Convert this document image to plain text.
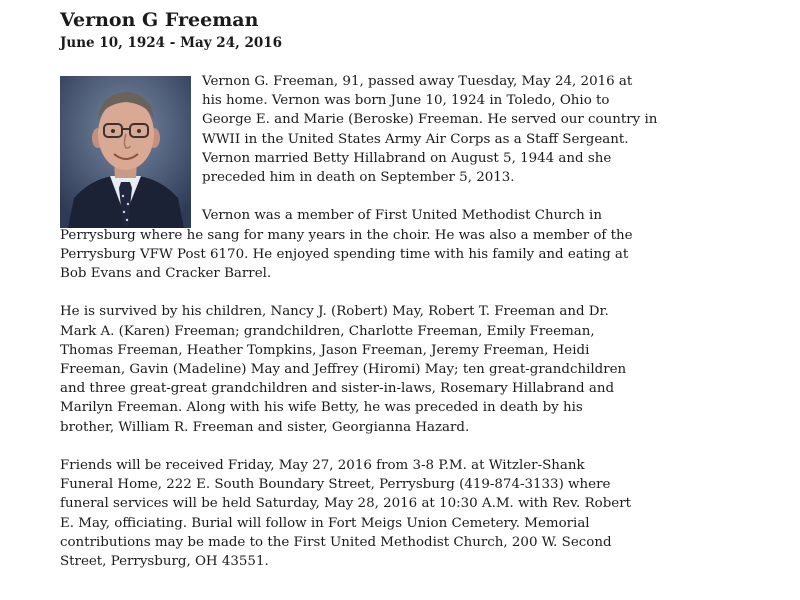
Vernon G Freeman
June 10, 1924 - May 24, 2016
Vernon G. Freeman, 91, passed away Tuesday, May 24, 2016 at
his home. Vernon was born June 10, 1924 in Toledo, Ohio to
George E. and Marie (Beroske) Freeman. He served our country in
WWII in the United States Army Air Corps as a Staff Sergeant.
Vernon married Betty Hillabrand on August 5, 1944 and she
preceded him in death on September 5, 2013.
Vernon was a member of First United Methodist Church in
Perrysburg where he sang for many years in the choir. He was also a member of the
Perrysburg VFW Post 6170. He enjoyed spending time with his family and eating at
Bob Evans and Cracker Barrel.
He is survived by his children, Nancy J. (Robert) May, Robert T. Freeman and Dr.
Mark A. (Karen) Freeman; grandchildren, Charlotte Freeman, Emily Freeman,
Thomas Freeman, Heather Tompkins, Jason Freeman, Jeremy Freeman, Heidi
Freeman, Gavin (Madeline) May and Jeffrey (Hiromi) May; ten great-grandchildren
and three great-great grandchildren and sister-in-laws, Rosemary Hillabrand and
Marilyn Freeman. Along with his wife Betty, he was preceded in death by his
brother, William R. Freeman and sister, Georgianna Hazard.
Friends will be received Friday, May 27, 2016 from 3-8 P.M. at Witzler-Shank
Funeral Home, 222 E. South Boundary Street, Perrysburg (419-874-3133) where
funeral services will be held Saturday, May 28, 2016 at 10:30 A.M. with Rev. Robert
E. May, officiating. Burial will follow in Fort Meigs Union Cemetery. Memorial
contributions may be made to the First United Methodist Church, 200 W. Second
Street, Perrysburg, OH 43551.
